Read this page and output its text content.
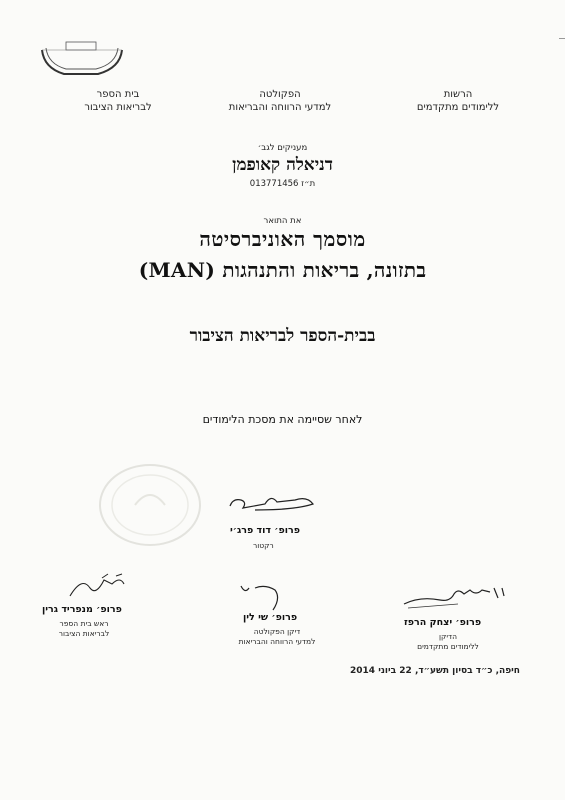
הרשות
ללימודים מתקדמים
הפקולטה
למדעי הרווחה והבריאות
בית הספר
לבריאות הציבור
מעניקים לגב׳
דניאלה קאופמן
ת״ז 013771456
את התואר
מוסמך האוניברסיטה
בתזונה, בריאות והתנהגות (MAN)
בבית-הספר לבריאות הציבור
לאחר שסיימה את מסכת הלימודים
פרופ׳ דוד פרג׳י
רקטור
פרופ׳ מנפריד גרין
ראש בית הספר
לבריאות הציבור
פרופ׳ שי לין
דיקן הפקולטה
למדעי הרווחה והבריאות
פרופ׳ יצחק הרפז
הדיקן
ללימודים מתקדמים
חיפה, כ״ד בסיון תשע״ד, 22 ביוני 2014
